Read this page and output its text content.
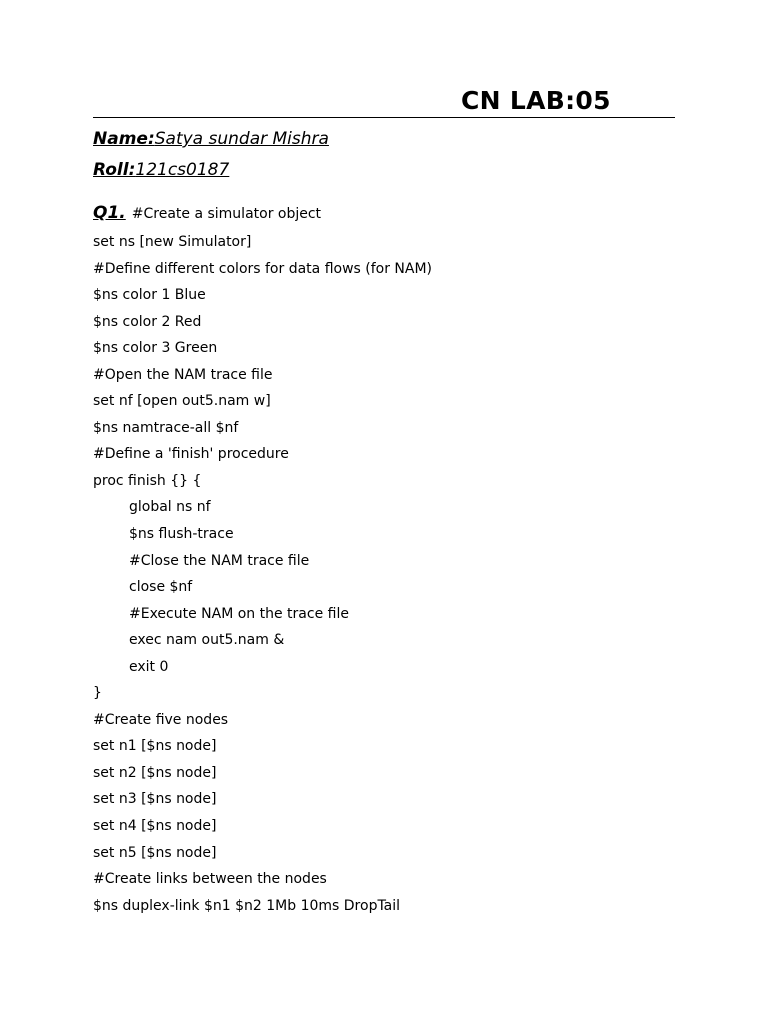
CN LAB:05
Name:Satya sundar Mishra
Roll:121cs0187
Q1. #Create a simulator object
set ns [new Simulator]
#Define different colors for data flows (for NAM)
$ns color 1 Blue
$ns color 2 Red
$ns color 3 Green
#Open the NAM trace file
set nf [open out5.nam w]
$ns namtrace-all $nf
#Define a 'finish' procedure
proc finish {} {
global ns nf
$ns flush-trace
#Close the NAM trace file
close $nf
#Execute NAM on the trace file
exec nam out5.nam &
exit 0
}
#Create five nodes
set n1 [$ns node]
set n2 [$ns node]
set n3 [$ns node]
set n4 [$ns node]
set n5 [$ns node]
#Create links between the nodes
$ns duplex-link $n1 $n2 1Mb 10ms DropTail
